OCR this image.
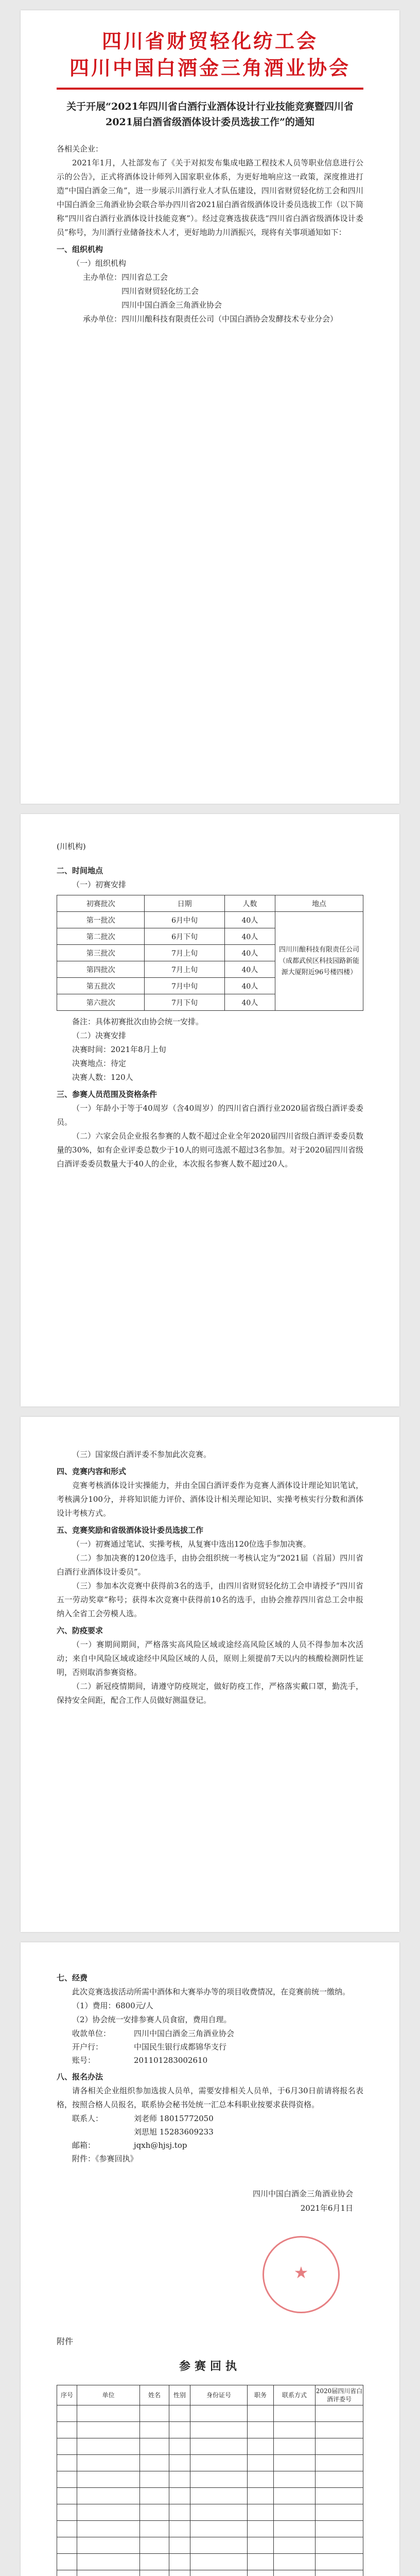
四川省财贸轻化纺工会
四川中国白酒金三角酒业协会
关于开展“2021年四川省白酒行业酒体设计行业技能竞赛暨四川省2021届白酒省级酒体设计委员选拔工作”的通知

各相关企业：

2021年1月，人社部发布了《关于对拟发布集成电路工程技术人员等职业信息进行公示的公告》，正式将酒体设计师列入国家职业体系，为更好地响应这一政策，深度推进打造“中国白酒金三角”，进一步展示川酒行业人才队伍建设，四川省财贸轻化纺工会和四川中国白酒金三角酒业协会联合举办四川省2021届白酒省级酒体设计委员选拔工作（以下简称“四川省白酒行业酒体设计技能竞赛”）。经过竞赛选拔获选“四川省白酒省级酒体设计委员”称号，为川酒行业储备技术人才，更好地助力川酒振兴，现将有关事项通知如下：

一、组织机构

（一）组织机构

主办单位： 四川省总工会
四川省财贸轻化纺工会
四川中国白酒金三角酒业协会
承办单位： 四川川酿科技有限责任公司（中国白酒协会发酵技术专业分会）

(川机构)

二、时间地点

（一）初赛安排

初赛批次	日期	人数	地点
第一批次	6月中旬	40人	四川川酿科技有限责任公司（成都武侯区科技园路新能源大厦附近96号楼四楼）
第二批次	6月下旬	40人	
第三批次	7月上旬	40人	
第四批次	7月上旬	40人	
第五批次	7月中旬	40人	
第六批次	7月下旬	40人	

备注：具体初赛批次由协会统一安排。

（二）决赛安排

决赛时间：2021年8月上旬

决赛地点：待定

决赛人数：120人

三、参赛人员范围及资格条件

（一）年龄小于等于40周岁（含40周岁）的四川省白酒行业2020届省级白酒评委委员。

（二）六家会员企业报名参赛的人数不超过企业全年2020届四川省级白酒评委委员数量的30%，如有企业评委总数少于10人的则可选派不超过3名参加。对于2020届四川省级白酒评委委员数量大于40人的企业，本次报名参赛人数不超过20人。

（三）国家级白酒评委不参加此次竞赛。

四、竞赛内容和形式

竞赛考核酒体设计实操能力，并由全国白酒评委作为竞赛人酒体设计理论知识笔试，考核满分100分，并将知识能力评价、酒体设计相关理论知识、实操考核实行分数和酒体设计考核方式。

五、竞赛奖励和省级酒体设计委员选拔工作

（一）初赛通过笔试、实操考核，从复赛中选出120位选手参加决赛。

（二）参加决赛的120位选手，由协会组织统一考核认定为“2021届（首届）四川省白酒行业酒体设计委员”。

（三）参加本次竞赛中获得前3名的选手，由四川省财贸轻化纺工会申请授予“四川省五一劳动奖章”称号；获得本次竞赛中获得前10名的选手，由协会推荐四川省总工会申报纳入全省工会劳模人选。

六、防疫要求

（一）赛期间期间，严格落实高风险区域或途经高风险区域的人员不得参加本次活动；来自中风险区域或途经中风险区域的人员，原则上须提前7天以内的核酸检测阴性证明，否则取消参赛资格。

（二）新冠疫情期间，请遵守防疫规定，做好防疫工作，严格落实戴口罩，勤洗手，保持安全间距，配合工作人员做好测温登记。

七、经费

此次竞赛选拔活动所需中酒体和大赛举办等的项目收费情况，在竞赛前统一缴纳。

（1）费用：6800元/人

（2）协会统一安排参赛人员食宿，费用自理。

收款单位：	四川中国白酒金三角酒业协会
开户行：	中国民生银行成都锦华支行
账号：	201101283002610
八、报名办法

请各相关企业组织参加选拔人员单，需要安排相关人员单，于6月30日前请将报名表格，按照合格人员报名，联系协会秘书处统一汇总本科职业按要求获得资格。

联系人：	刘老师 18015772050
刘思旭 15283609233
邮箱：	jqxh@hjsj.top

附件：《参赛回执》

四川中国白酒金三角酒业协会
2021年6月1日
★
附件
参赛回执
序号	单位	姓名	性别	身份证号	职务	联系方式	2020届四川省白酒评委号
